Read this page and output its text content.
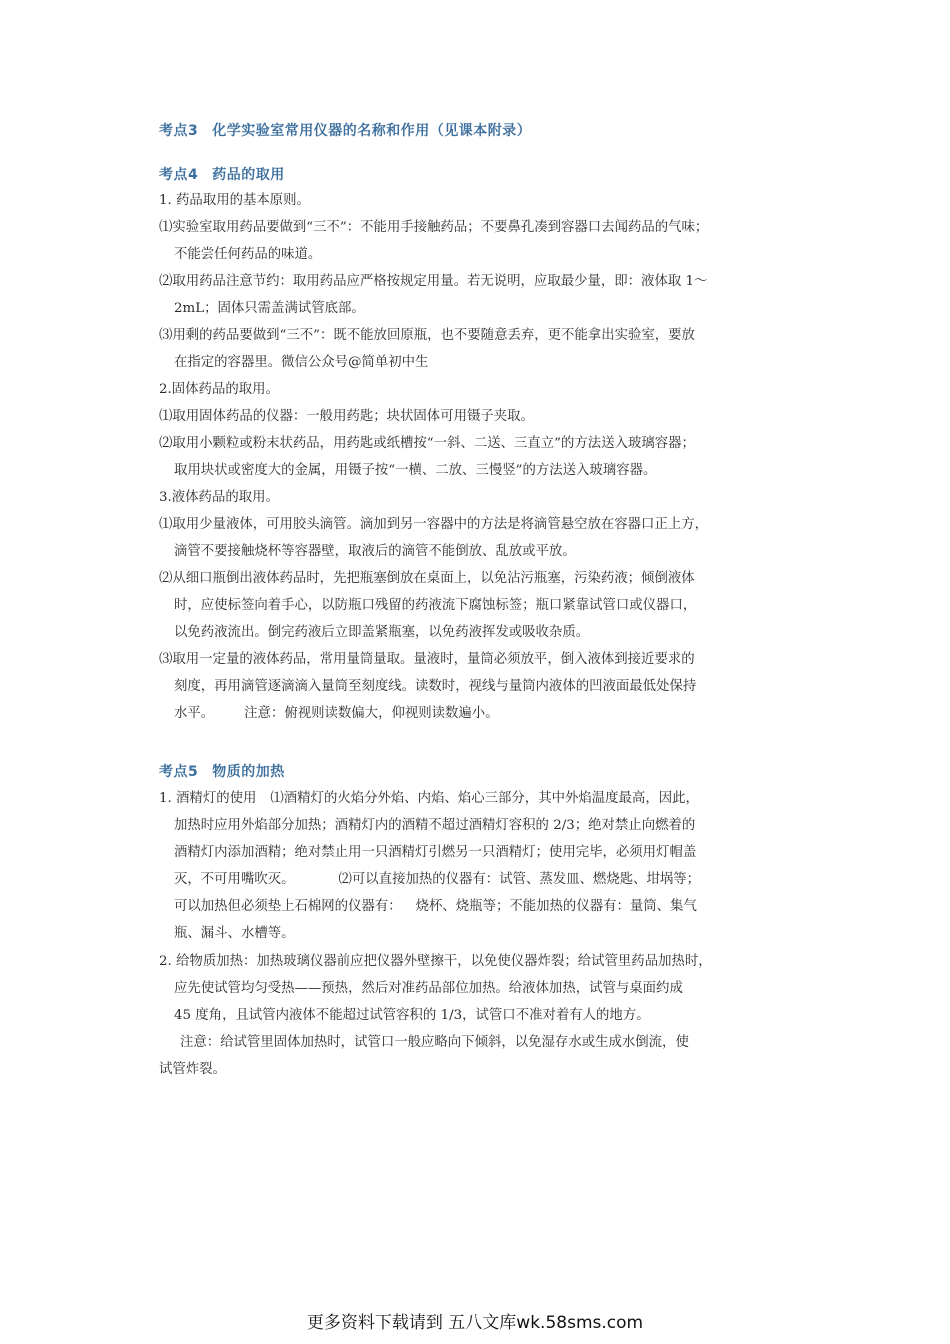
考点3 化学实验室常用仪器的名称和作用（见课本附录）
考点4 药品的取用
1. 药品取用的基本原则。
⑴实验室取用药品要做到“三不”：不能用手接触药品；不要鼻孔凑到容器口去闻药品的气味；
不能尝任何药品的味道。
⑵取用药品注意节约：取用药品应严格按规定用量。若无说明，应取最少量，即：液体取 1～
2mL；固体只需盖满试管底部。
⑶用剩的药品要做到“三不”：既不能放回原瓶，也不要随意丢弃，更不能拿出实验室，要放
在指定的容器里。微信公众号@简单初中生
2.固体药品的取用。
⑴取用固体药品的仪器：一般用药匙；块状固体可用镊子夹取。
⑵取用小颗粒或粉末状药品，用药匙或纸槽按“一斜、二送、三直立”的方法送入玻璃容器；
取用块状或密度大的金属，用镊子按“一横、二放、三慢竖”的方法送入玻璃容器。
3.液体药品的取用。
⑴取用少量液体，可用胶头滴管。滴加到另一容器中的方法是将滴管悬空放在容器口正上方，
滴管不要接触烧杯等容器壁，取液后的滴管不能倒放、乱放或平放。
⑵从细口瓶倒出液体药品时，先把瓶塞倒放在桌面上，以免沾污瓶塞，污染药液；倾倒液体
时，应使标签向着手心，以防瓶口残留的药液流下腐蚀标签；瓶口紧靠试管口或仪器口，
以免药液流出。倒完药液后立即盖紧瓶塞，以免药液挥发或吸收杂质。
⑶取用一定量的液体药品，常用量筒量取。量液时，量筒必须放平，倒入液体到接近要求的
刻度，再用滴管逐滴滴入量筒至刻度线。读数时，视线与量筒内液体的凹液面最低处保持
水平。 注意：俯视则读数偏大，仰视则读数遍小。
考点5 物质的加热
1. 酒精灯的使用 ⑴酒精灯的火焰分外焰、内焰、焰心三部分，其中外焰温度最高，因此，
加热时应用外焰部分加热；酒精灯内的酒精不超过酒精灯容积的 2/3；绝对禁止向燃着的
酒精灯内添加酒精；绝对禁止用一只酒精灯引燃另一只酒精灯；使用完毕，必须用灯帽盖
灭，不可用嘴吹灭。	⑵可以直接加热的仪器有：试管、蒸发皿、燃烧匙、坩埚等；
可以加热但必须垫上石棉网的仪器有： 烧杯、烧瓶等；不能加热的仪器有：量筒、集气
瓶、漏斗、水槽等。
2. 给物质加热：加热玻璃仪器前应把仪器外壁擦干，以免使仪器炸裂；给试管里药品加热时，
应先使试管均匀受热——预热，然后对准药品部位加热。给液体加热，试管与桌面约成
45 度角，且试管内液体不能超过试管容积的 1/3，试管口不准对着有人的地方。
注意：给试管里固体加热时，试管口一般应略向下倾斜，以免湿存水或生成水倒流，使
试管炸裂。
更多资料下载请到 五八文库wk.58sms.com
